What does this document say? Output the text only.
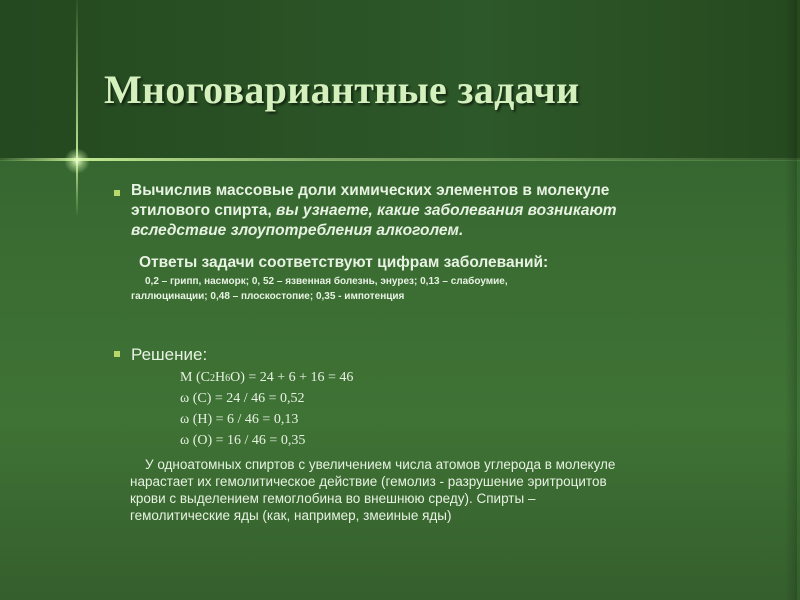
Многовариантные задачи
Вычислив массовые доли химических элементов в молекуле
этилового спирта, вы узнаете, какие заболевания возникают
вследствие злоупотребления алкоголем.
Ответы задачи соответствуют цифрам заболеваний:
0,2 – грипп, насморк; 0, 52 – язвенная болезнь, энурез; 0,13 – слабоумие,
галлюцинации; 0,48 – плоскостопие; 0,35 - импотенция
Решение:
М (С2Н6О) = 24 + 6 + 16 = 46
ω (С) = 24 / 46 = 0,52
ω (Н) = 6 / 46 = 0,13
ω (О) = 16 / 46 = 0,35
У одноатомных спиртов с увеличением числа атомов углерода в молекуле
нарастает их гемолитическое действие (гемолиз - разрушение эритроцитов
крови с выделением гемоглобина во внешнюю среду). Спирты –
гемолитические яды (как, например, змеиные яды)
